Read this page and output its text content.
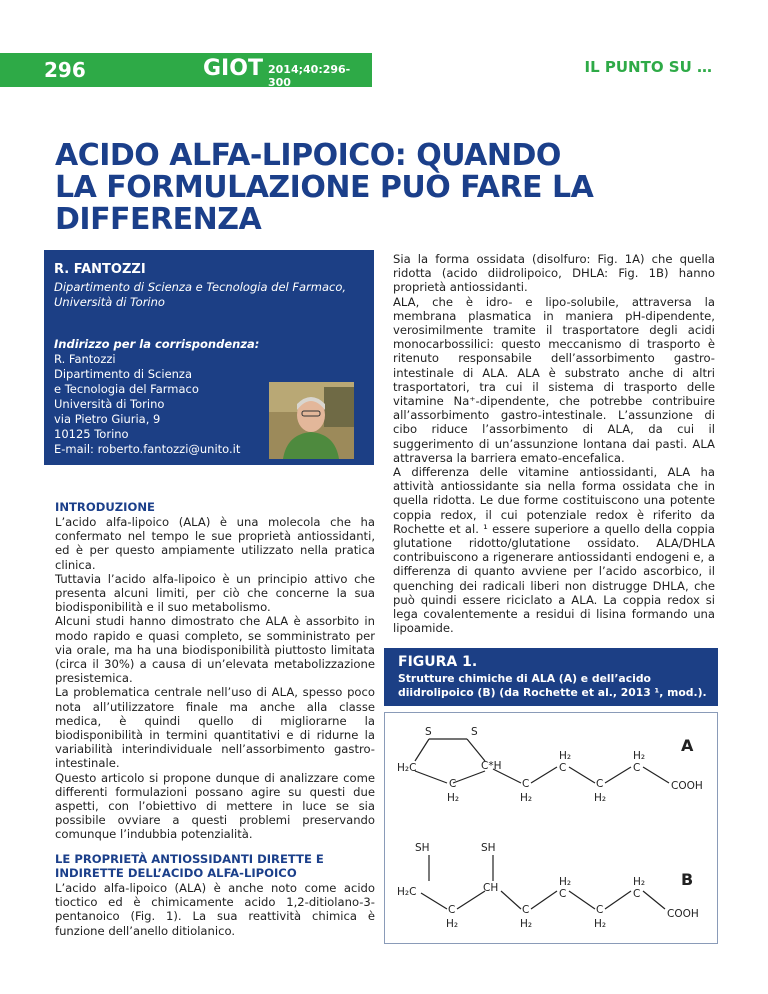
296	GIOT 2014;40:296-300
IL PUNTO SU …
ACIDO ALFA-LIPOICO: QUANDO
LA FORMULAZIONE PUÒ FARE LA DIFFERENZA
R. FANTOZZI
Dipartimento di Scienza e Tecnologia del Farmaco,
Università di Torino
Indirizzo per la corrispondenza:
R. Fantozzi
Dipartimento di Scienza
e Tecnologia del Farmaco
Università di Torino
via Pietro Giuria, 9
10125 Torino
E-mail: roberto.fantozzi@unito.it
INTRODUZIONE
L’acido alfa-lipoico (ALA) è una molecola che ha confermato nel tempo le sue proprietà antiossidanti, ed è per questo ampiamente utilizzato nella pratica clinica.
Tuttavia l’acido alfa-lipoico è un principio attivo che presenta alcuni limiti, per ciò che concerne la sua biodisponibilità e il suo metabolismo.
Alcuni studi hanno dimostrato che ALA è assorbito in modo rapido e quasi completo, se somministrato per via orale, ma ha una biodisponibilità piuttosto limitata (circa il 30%) a causa di un’elevata metabolizzazione presistemica.
La problematica centrale nell’uso di ALA, spesso poco nota all’utilizzatore finale ma anche alla classe medica, è quindi quello di migliorarne la biodisponibilità in termini quantitativi e di ridurne la variabilità interindividuale nell’assorbimento gastro-intestinale.
Questo articolo si propone dunque di analizzare come differenti formulazioni possano agire su questi due aspetti, con l’obiettivo di mettere in luce se sia possibile ovviare a questi problemi preservando comunque l’indubbia potenzialità.
LE PROPRIETÀ ANTIOSSIDANTI DIRETTE E INDIRETTE DELL’ACIDO ALFA-LIPOICO
L’acido alfa-lipoico (ALA) è anche noto come acido tioctico ed è chimicamente acido 1,2-ditiolano-3-pentanoico (Fig. 1). La sua reattività chimica è funzione dell’anello ditiolanico.
Sia la forma ossidata (disolfuro: Fig. 1A) che quella ridotta (acido diidrolipoico, DHLA: Fig. 1B) hanno proprietà antiossidanti.
ALA, che è idro- e lipo-solubile, attraversa la membrana plasmatica in maniera pH-dipendente, verosimilmente tramite il trasportatore degli acidi monocarbossilici: questo meccanismo di trasporto è ritenuto responsabile dell’assorbimento gastro-intestinale di ALA. ALA è substrato anche di altri trasportatori, tra cui il sistema di trasporto delle vitamine Na⁺-dipendente, che potrebbe contribuire all’assorbimento gastro-intestinale. L’assunzione di cibo riduce l’assorbimento di ALA, da cui il suggerimento di un’assunzione lontana dai pasti. ALA attraversa la barriera emato-encefalica.
A differenza delle vitamine antiossidanti, ALA ha attività antiossidante sia nella forma ossidata che in quella ridotta. Le due forme costituiscono una potente coppia redox, il cui potenziale redox è riferito da Rochette et al. ¹ essere superiore a quello della coppia glutatione ridotto/glutatione ossidato. ALA/DHLA contribuiscono a rigenerare antiossidanti endogeni e, a differenza di quanto avviene per l’acido ascorbico, il quenching dei radicali liberi non distrugge DHLA, che può quindi essere riciclato a ALA. La coppia redox si lega covalentemente a residui di lisina formando una lipoamide.
FIGURA 1.
Strutture chimiche di ALA (A) e dell’acido diidrolipoico (B) (da Rochette et al., 2013 ¹, mod.).
S	S
H₂C	C*H
C
H₂
C
H₂
H₂
C
C
H₂
H₂
C
COOH
A
SH	SH
H₂C	CH
C
H₂
C
H₂
H₂
C
C
H₂
H₂
C
COOH
B
